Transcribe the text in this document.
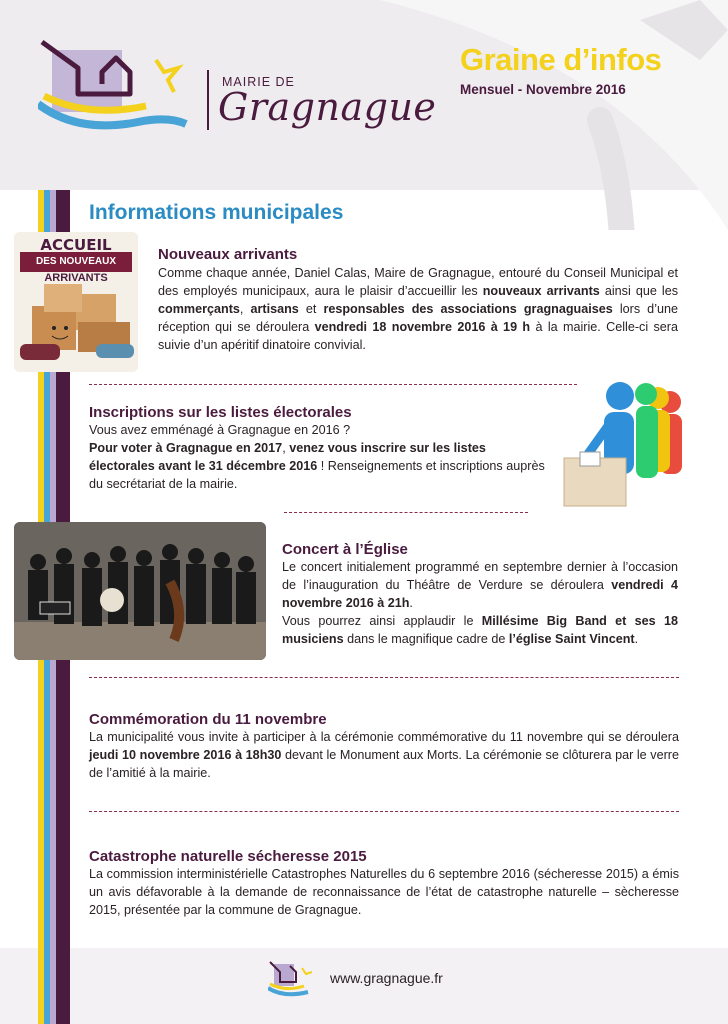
MAIRIE DE
Gragnague
Graine d’infos
Mensuel - Novembre 2016
Informations municipales
ACCUEIL
DES NOUVEAUX
ARRIVANTS
Nouveaux arrivants
Comme chaque année, Daniel Calas, Maire de Gragnague, entouré du Conseil Municipal et des employés municipaux, aura le plaisir d’accueillir les nouveaux arrivants ainsi que les commerçants, artisans et responsables des associations gragnaguaises lors d’une réception qui se déroulera vendredi 18 novembre 2016 à 19 h à la mairie. Celle-ci sera suivie d’un apéritif dinatoire convivial.
Inscriptions sur les listes électorales
Vous avez emménagé à Gragnague en 2016 ?
Pour voter à Gragnague en 2017, venez vous inscrire sur les listes électorales avant le 31 décembre 2016 ! Renseignements et inscriptions auprès du secrétariat de la mairie.
Concert à l’Église
Le concert initialement programmé en septembre dernier à l’occasion de l’inauguration du Théâtre de Verdure se déroulera vendredi 4 novembre 2016 à 21h.
Vous pourrez ainsi applaudir le Millésime Big Band et ses 18 musiciens dans le magnifique cadre de l’église Saint Vincent.
Commémoration du 11 novembre
La municipalité vous invite à participer à la cérémonie commémorative du 11 novembre qui se déroulera jeudi 10 novembre 2016 à 18h30 devant le Monument aux Morts. La cérémonie se clôturera par le verre de l’amitié à la mairie.
Catastrophe naturelle sécheresse 2015
La commission interministérielle Catastrophes Naturelles du 6 septembre 2016 (sécheresse 2015) a émis un avis défavorable à la demande de reconnaissance de l’état de catastrophe naturelle – sècheresse 2015, présentée par la commune de Gragnague.
www.gragnague.fr
